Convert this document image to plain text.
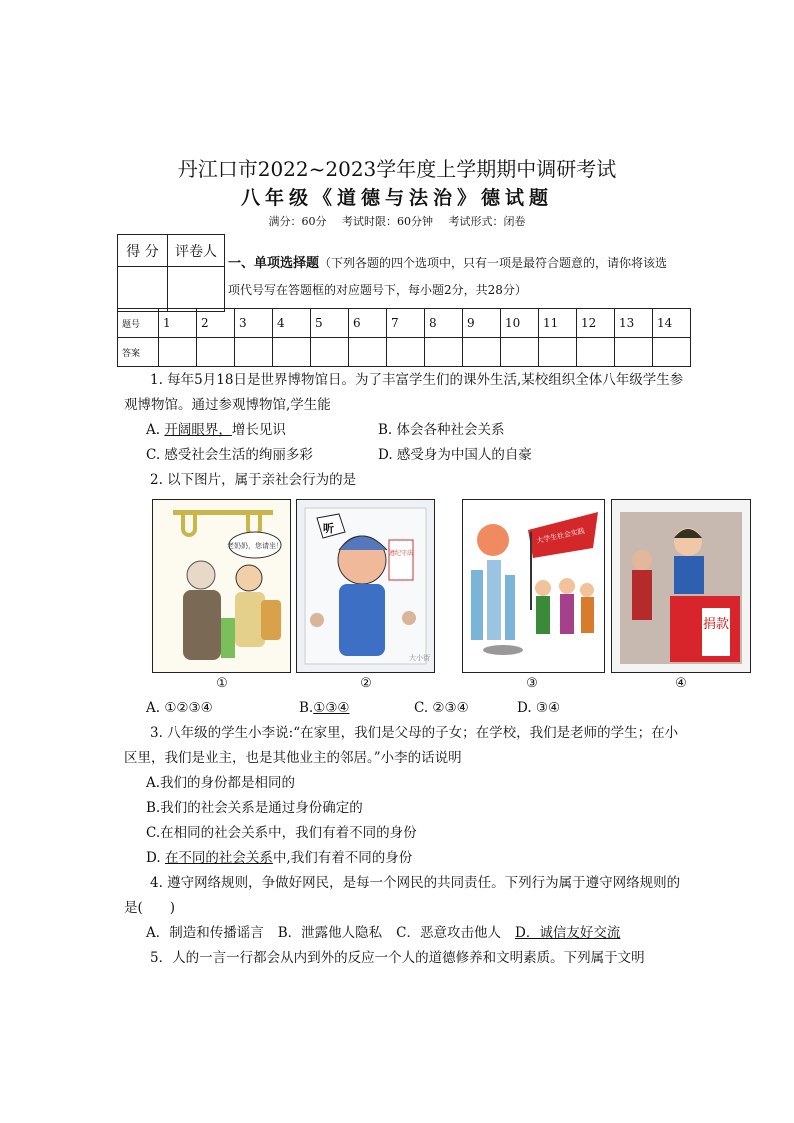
丹江口市2022~2023学年度上学期期中调研考试
八年级《道德与法治》德试题
满分：60分 考试时限：60分钟 考试形式：闭卷
得 分	评卷人

一、单项选择题（下列各题的四个选项中，只有一项是最符合题意的，请你将该选项代号写在答题框的对应题号下，每小题2分，共28分）
题号	1	2	3	4	5	6	7	8	9	10	11	12	13	14
答案														
1. 每年5月18日是世界博物馆日。为了丰富学生们的课外生活,某校组织全体八年级学生参观博物馆。通过参观博物馆,学生能
A. 开阔眼界，增长见识	B. 体会各种社会关系
C. 感受社会生活的绚丽多彩	D. 感受身为中国人的自豪
2. 以下图片，属于亲社会行为的是
老奶奶，您请坐！
听
遵纪守法
大小街
大学生社会实践
捐款
①	②	③	④
A. ①②③④	B.①③④	C. ②③④	D. ③④
3. 八年级的学生小李说:“在家里，我们是父母的子女；在学校，我们是老师的学生；在小区里，我们是业主，也是其他业主的邻居。”小李的话说明
A.我们的身份都是相同的
B.我们的社会关系是通过身份确定的
C.在相同的社会关系中，我们有着不同的身份
D. 在不同的社会关系中,我们有着不同的身份
4. 遵守网络规则，争做好网民，是每一个网民的共同责任。下列行为属于遵守网络规则的是(　　)
A．制造和传播谣言 B．泄露他人隐私 C．恶意攻击他人 D．诚信友好交流
5．人的一言一行都会从内到外的反应一个人的道德修养和文明素质。下列属于文明
